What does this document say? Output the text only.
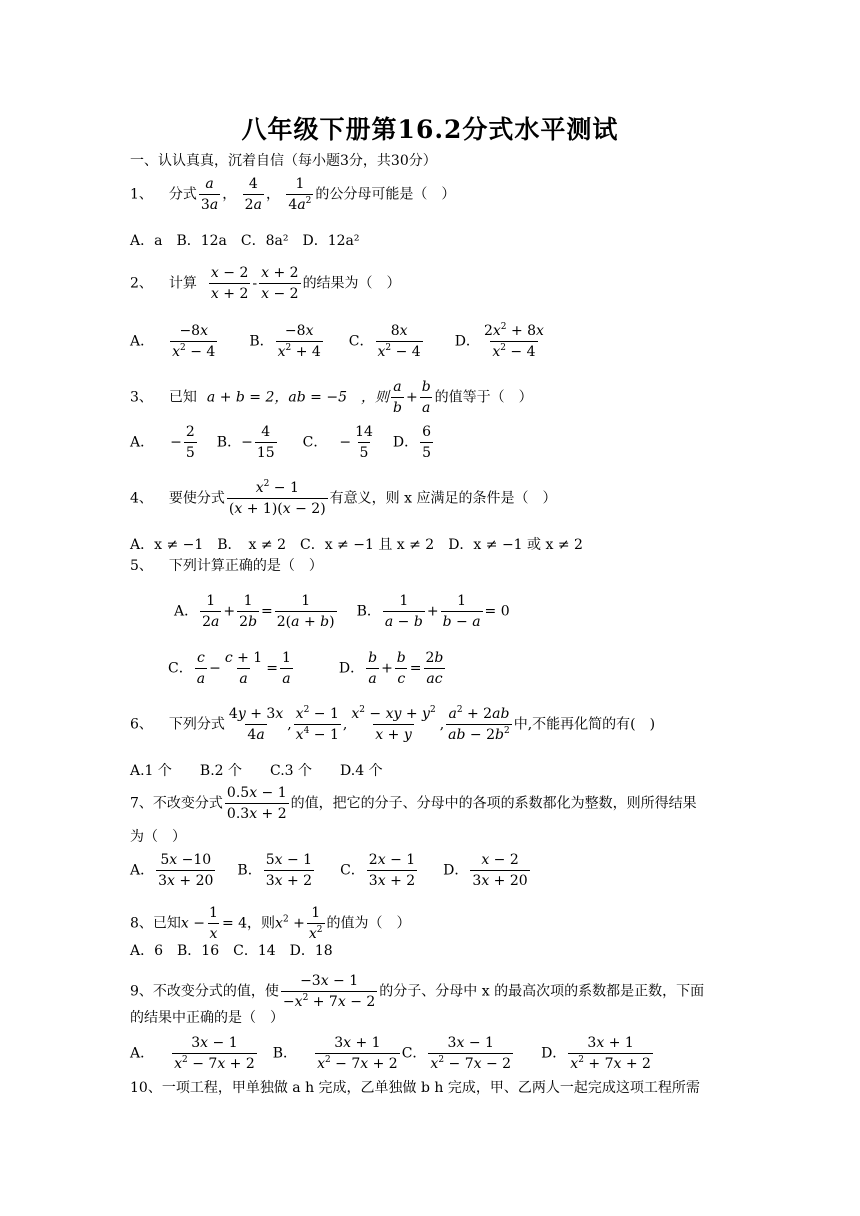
八年级下册第16.2分式水平测试
一、认认真真，沉着自信（每小题3分，共30分）
1、 分式 $\frac{a}{3a}$ ， $\frac{4}{2a}$ ， $\frac{1}{4a^2}$ 的公分母可能是（　）
A．a　B．12a　C．8a²　D．12a²
2、 计算 $\frac{x - 2}{x + 2} - \frac{x + 2}{x - 2}$ 的结果为（　）
A． $\frac{-8x}{x^2 - 4}$ B． $\frac{-8x}{x^2 + 4}$ C． $\frac{8x}{x^2 - 4}$ D． $\frac{2x^2 + 8x}{x^2 - 4}$
3、 已知 a + b = 2，ab = −5　，则 $\frac{a}{b} + \frac{b}{a}$ 的值等于（　）
A． − $\frac{2}{5}$ B．− $\frac{4}{15}$ C． − $\frac{14}{5}$ D． $\frac{6}{5}$
4、 要使分式 $\frac{x^2 - 1}{(x + 1)(x - 2)}$ 有意义，则 x 应满足的条件是（　）
A．x ≠ −1　B．　x ≠ 2　C．x ≠ −1 且 x ≠ 2　D．x ≠ −1 或 x ≠ 2
5、 下列计算正确的是（　）
A． $\frac{1}{2a} + \frac{1}{2b} = \frac{1}{2(a + b)}$ B． $\frac{1}{a - b} + \frac{1}{b - a} = 0$
C． $\frac{c}{a} - \frac{c + 1}{a} = \frac{1}{a}$	D． $\frac{b}{a} + \frac{b}{c} = \frac{2b}{ac}$
6、 下列分式 $\frac{4y + 3x}{4a}$ , $\frac{x^2 - 1}{x^4 - 1}$ , $\frac{x^2 - xy + y^2}{x + y}$ , $\frac{a^2 + 2ab}{ab - 2b^2}$ 中,不能再化简的有(　)
A.1 个　　B.2 个　　C.3 个　　D.4 个
7、不改变分式 $\frac{0.5x - 1}{0.3x + 2}$ 的值，把它的分子、分母中的各项的系数都化为整数，则所得结果
为（　）
A． $\frac{5x -10}{3x + 20}$ B． $\frac{5x - 1}{3x + 2}$ C． $\frac{2x - 1}{3x + 2}$ D． $\frac{x - 2}{3x + 20}$
8、已知$x - \frac{1}{x} = 4$，则$x^2 + \frac{1}{x^2}$ 的值为（　）
A．6　B．16　C．14　D．18
9、不改变分式的值，使 $\frac{-3x - 1}{-x^2 + 7x - 2}$ 的分子、分母中 x 的最高次项的系数都是正数，下面
的结果中正确的是（　）
A． $\frac{3x - 1}{x^2 - 7x + 2}$ B． $\frac{3x + 1}{x^2 - 7x + 2}$ C． $\frac{3x - 1}{x^2 - 7x - 2}$ D． $\frac{3x + 1}{x^2 + 7x + 2}$
10、一项工程，甲单独做 a h 完成，乙单独做 b h 完成，甲、乙两人一起完成这项工程所需
